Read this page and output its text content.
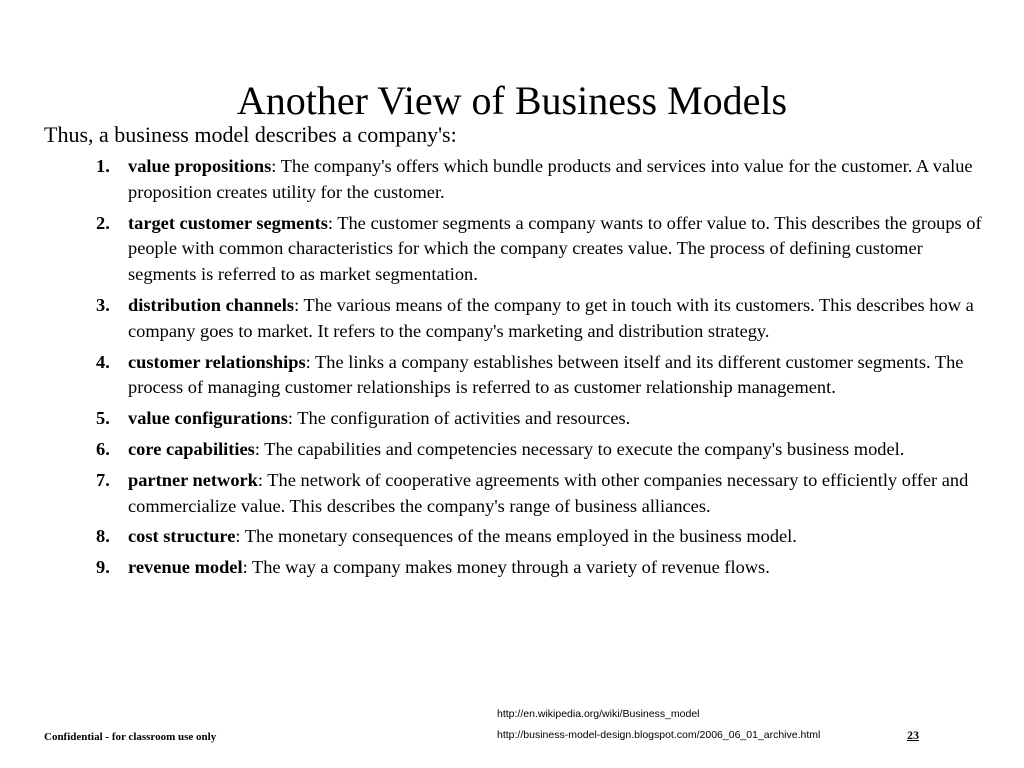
Another View of Business Models
Thus, a business model describes a company's:
1. value propositions: The company's offers which bundle products and services into value for the customer. A value proposition creates utility for the customer.
2. target customer segments: The customer segments a company wants to offer value to. This describes the groups of people with common characteristics for which the company creates value. The process of defining customer segments is referred to as market segmentation.
3. distribution channels: The various means of the company to get in touch with its customers. This describes how a company goes to market. It refers to the company's marketing and distribution strategy.
4. customer relationships: The links a company establishes between itself and its different customer segments. The process of managing customer relationships is referred to as customer relationship management.
5. value configurations: The configuration of activities and resources.
6. core capabilities: The capabilities and competencies necessary to execute the company's business model.
7. partner network: The network of cooperative agreements with other companies necessary to efficiently offer and commercialize value. This describes the company's range of business alliances.
8. cost structure: The monetary consequences of the means employed in the business model.
9. revenue model: The way a company makes money through a variety of revenue flows.
Confidential - for classroom use only
http://en.wikipedia.org/wiki/Business_model
http://business-model-design.blogspot.com/2006_06_01_archive.html	23
